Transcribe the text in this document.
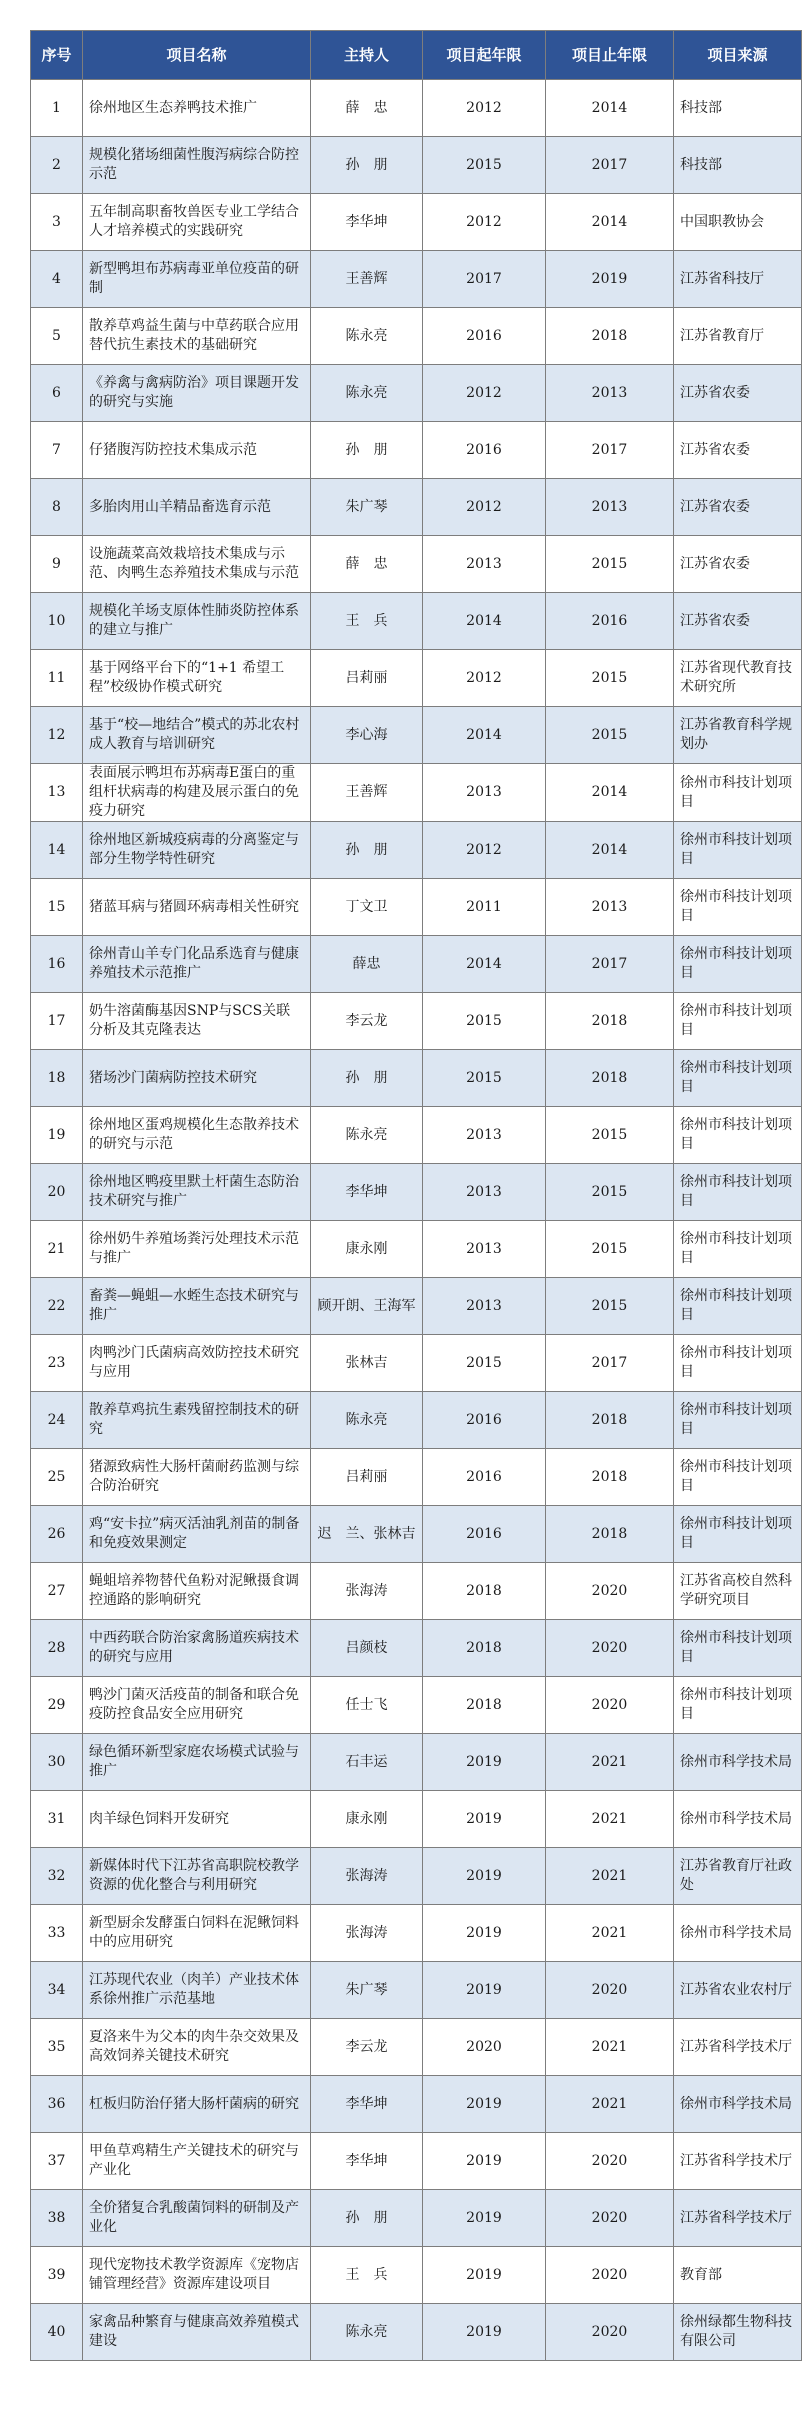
序号	项目名称	主持人	项目起年限	项目止年限	项目来源
1	徐州地区生态养鸭技术推广	薛　忠	2012	2014	科技部
2	规模化猪场细菌性腹泻病综合防控示范	孙　朋	2015	2017	科技部
3	五年制高职畜牧兽医专业工学结合人才培养模式的实践研究	李华坤	2012	2014	中国职教协会
4	新型鸭坦布苏病毒亚单位疫苗的研制	王善辉	2017	2019	江苏省科技厅
5	散养草鸡益生菌与中草药联合应用替代抗生素技术的基础研究	陈永亮	2016	2018	江苏省教育厅
6	《养禽与禽病防治》项目课题开发的研究与实施	陈永亮	2012	2013	江苏省农委
7	仔猪腹泻防控技术集成示范	孙　朋	2016	2017	江苏省农委
8	多胎肉用山羊精品畜选育示范	朱广琴	2012	2013	江苏省农委
9	设施蔬菜高效栽培技术集成与示范、肉鸭生态养殖技术集成与示范	薛　忠	2013	2015	江苏省农委
10	规模化羊场支原体性肺炎防控体系的建立与推广	王　兵	2014	2016	江苏省农委
11	基于网络平台下的“1+1 希望工程”校级协作模式研究	吕莉丽	2012	2015	江苏省现代教育技术研究所
12	基于“校—地结合”模式的苏北农村成人教育与培训研究	李心海	2014	2015	江苏省教育科学规划办
13	表面展示鸭坦布苏病毒E蛋白的重组杆状病毒的构建及展示蛋白的免疫力研究	王善辉	2013	2014	徐州市科技计划项目
14	徐州地区新城疫病毒的分离鉴定与部分生物学特性研究	孙　朋	2012	2014	徐州市科技计划项目
15	猪蓝耳病与猪圆环病毒相关性研究	丁文卫	2011	2013	徐州市科技计划项目
16	徐州青山羊专门化品系选育与健康养殖技术示范推广	薛忠	2014	2017	徐州市科技计划项目
17	奶牛溶菌酶基因SNP与SCS关联分析及其克隆表达	李云龙	2015	2018	徐州市科技计划项目
18	猪场沙门菌病防控技术研究	孙　朋	2015	2018	徐州市科技计划项目
19	徐州地区蛋鸡规模化生态散养技术的研究与示范	陈永亮	2013	2015	徐州市科技计划项目
20	徐州地区鸭疫里默土杆菌生态防治技术研究与推广	李华坤	2013	2015	徐州市科技计划项目
21	徐州奶牛养殖场粪污处理技术示范与推广	康永刚	2013	2015	徐州市科技计划项目
22	畜粪—蝇蛆—水蛭生态技术研究与推广	顾开朗、王海军	2013	2015	徐州市科技计划项目
23	肉鸭沙门氏菌病高效防控技术研究与应用	张林吉	2015	2017	徐州市科技计划项目
24	散养草鸡抗生素残留控制技术的研究	陈永亮	2016	2018	徐州市科技计划项目
25	猪源致病性大肠杆菌耐药监测与综合防治研究	吕莉丽	2016	2018	徐州市科技计划项目
26	鸡“安卡拉”病灭活油乳剂苗的制备和免疫效果测定	迟　兰、张林吉	2016	2018	徐州市科技计划项目
27	蝇蛆培养物替代鱼粉对泥鳅摄食调控通路的影响研究	张海涛	2018	2020	江苏省高校自然科学研究项目
28	中西药联合防治家禽肠道疾病技术的研究与应用	吕颜枝	2018	2020	徐州市科技计划项目
29	鸭沙门菌灭活疫苗的制备和联合免疫防控食品安全应用研究	任士飞	2018	2020	徐州市科技计划项目
30	绿色循环新型家庭农场模式试验与推广	石丰运	2019	2021	徐州市科学技术局
31	肉羊绿色饲料开发研究	康永刚	2019	2021	徐州市科学技术局
32	新媒体时代下江苏省高职院校教学资源的优化整合与利用研究	张海涛	2019	2021	江苏省教育厅社政处
33	新型厨余发酵蛋白饲料在泥鳅饲料中的应用研究	张海涛	2019	2021	徐州市科学技术局
34	江苏现代农业（肉羊）产业技术体系徐州推广示范基地	朱广琴	2019	2020	江苏省农业农村厅
35	夏洛来牛为父本的肉牛杂交效果及高效饲养关键技术研究	李云龙	2020	2021	江苏省科学技术厅
36	杠板归防治仔猪大肠杆菌病的研究	李华坤	2019	2021	徐州市科学技术局
37	甲鱼草鸡精生产关键技术的研究与产业化	李华坤	2019	2020	江苏省科学技术厅
38	全价猪复合乳酸菌饲料的研制及产业化	孙　朋	2019	2020	江苏省科学技术厅
39	现代宠物技术教学资源库《宠物店铺管理经营》资源库建设项目	王　兵	2019	2020	教育部
40	家禽品种繁育与健康高效养殖模式建设	陈永亮	2019	2020	徐州绿都生物科技有限公司
